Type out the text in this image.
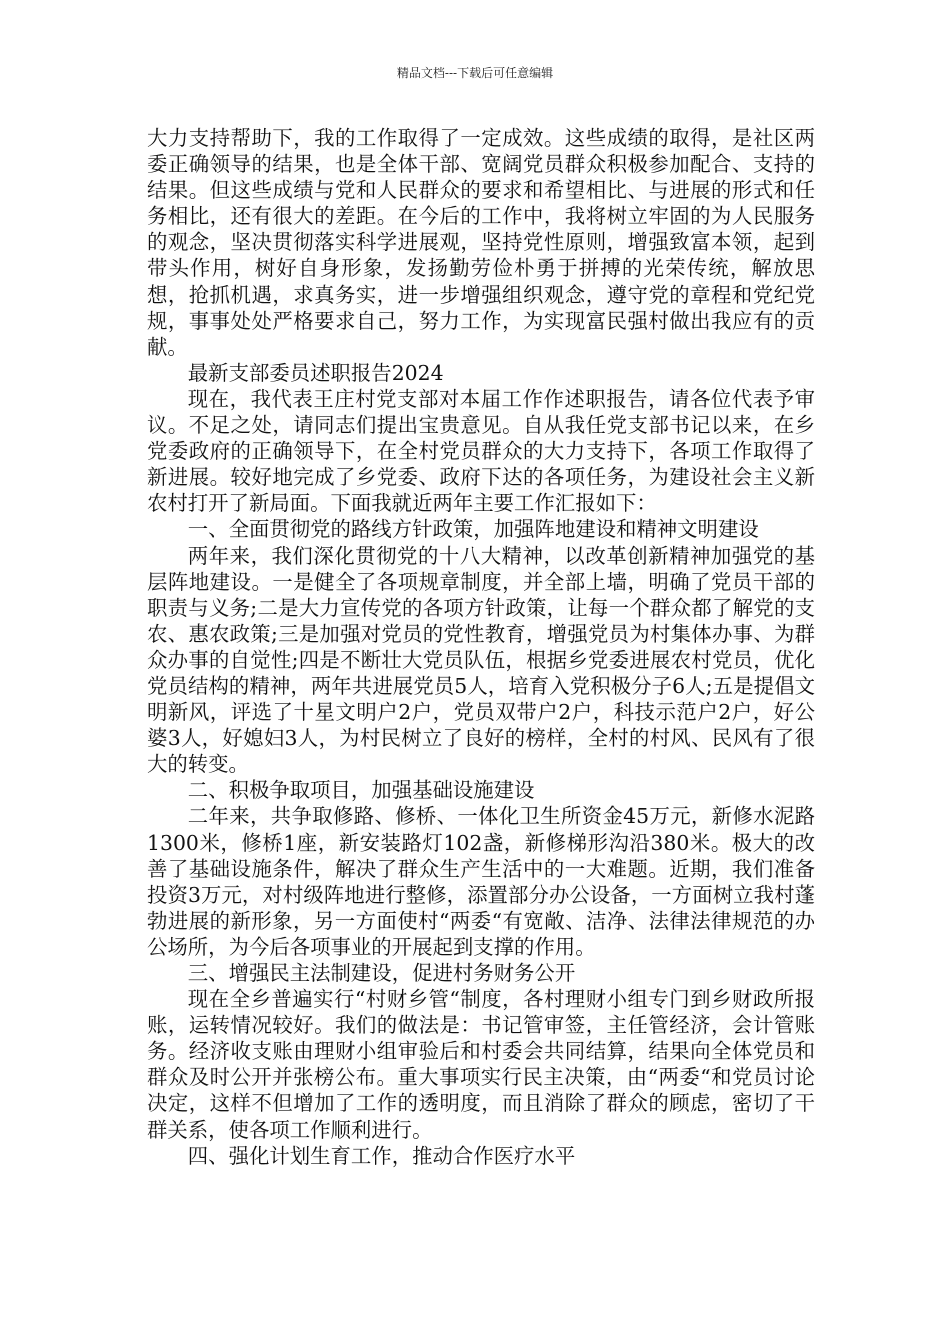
精品文档---下载后可任意编辑

大力支持帮助下，我的工作取得了一定成效。这些成绩的取得，是社区两委正确领导的结果，也是全体干部、宽阔党员群众积极参加配合、支持的结果。但这些成绩与党和人民群众的要求和希望相比、与进展的形式和任务相比，还有很大的差距。在今后的工作中，我将树立牢固的为人民服务的观念，坚决贯彻落实科学进展观，坚持党性原则，增强致富本领，起到带头作用，树好自身形象，发扬勤劳俭朴勇于拼搏的光荣传统，解放思想，抢抓机遇，求真务实，进一步增强组织观念，遵守党的章程和党纪党规，事事处处严格要求自己，努力工作，为实现富民强村做出我应有的贡献。

最新支部委员述职报告2024

现在，我代表王庄村党支部对本届工作作述职报告，请各位代表予审议。不足之处，请同志们提出宝贵意见。自从我任党支部书记以来，在乡党委政府的正确领导下，在全村党员群众的大力支持下，各项工作取得了新进展。较好地完成了乡党委、政府下达的各项任务，为建设社会主义新农村打开了新局面。下面我就近两年主要工作汇报如下：

一、全面贯彻党的路线方针政策，加强阵地建设和精神文明建设

两年来，我们深化贯彻党的十八大精神，以改革创新精神加强党的基层阵地建设。一是健全了各项规章制度，并全部上墙，明确了党员干部的职责与义务;二是大力宣传党的各项方针政策，让每一个群众都了解党的支农、惠农政策;三是加强对党员的党性教育，增强党员为村集体办事、为群众办事的自觉性;四是不断壮大党员队伍，根据乡党委进展农村党员，优化党员结构的精神，两年共进展党员5人，培育入党积极分子6人;五是提倡文明新风，评选了十星文明户2户，党员双带户2户，科技示范户2户，好公婆3人，好媳妇3人，为村民树立了良好的榜样，全村的村风、民风有了很大的转变。

二、积极争取项目，加强基础设施建设

二年来，共争取修路、修桥、一体化卫生所资金45万元，新修水泥路1300米，修桥1座，新安装路灯102盏，新修梯形沟沿380米。极大的改善了基础设施条件，解决了群众生产生活中的一大难题。近期，我们准备投资3万元，对村级阵地进行整修，添置部分办公设备，一方面树立我村蓬勃进展的新形象，另一方面使村“两委“有宽敞、洁净、法律法律规范的办公场所，为今后各项事业的开展起到支撑的作用。

三、增强民主法制建设，促进村务财务公开

现在全乡普遍实行“村财乡管“制度，各村理财小组专门到乡财政所报账，运转情况较好。我们的做法是：书记管审签，主任管经济，会计管账务。经济收支账由理财小组审验后和村委会共同结算，结果向全体党员和群众及时公开并张榜公布。重大事项实行民主决策，由“两委“和党员讨论决定，这样不但增加了工作的透明度，而且消除了群众的顾虑，密切了干群关系，使各项工作顺利进行。

四、强化计划生育工作，推动合作医疗水平
